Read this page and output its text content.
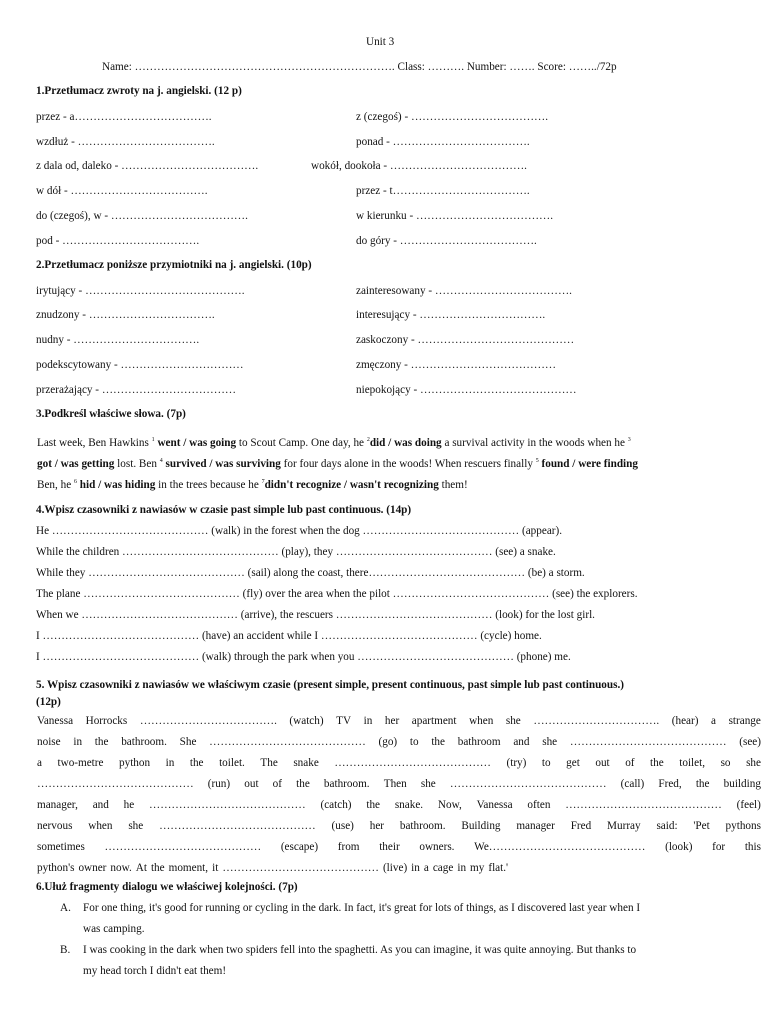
Unit 3
Name: ……………………………………………………………. Class: ………. Number: ……. Score: ……../72p
1.Przetłumacz zwroty na j. angielski. (12 p)
przez - a……………………………….
wzdłuż - ……………………………….
z dala od, daleko - ……………………………….
w dół - ……………………………….
do (czegoś), w - ……………………………….
pod - ……………………………….
z (czegoś) - ……………………………….
ponad - ……………………………….
wokół, dookoła - ……………………………….
przez - t……………………………….
w kierunku - ……………………………….
do góry - ……………………………….
2.Przetłumacz poniższe przymiotniki na j. angielski. (10p)
irytujący - …………………………………….
znudzony - …………………………….
nudny - …………………………….
podekscytowany - ……………………………
przerażający - ………………………………
zainteresowany - ……………………………….
interesujący - …………………………….
zaskoczony - ……………………………………
zmęczony - …………………………………
niepokojący - ……………………………………
3.Podkreśl właściwe słowa. (7p)
Last week, Ben Hawkins $^1$ went / was going to Scout Camp. One day, he $^2$did / was doing a survival activity in the woods when he $^3$
got / was getting lost. Ben $^4$ survived / was surviving for four days alone in the woods! When rescuers finally $^5$ found / were finding
Ben, he $^6$ hid / was hiding in the trees because he $^7$didn't recognize / wasn't recognizing them!
4.Wpisz czasowniki z nawiasów w czasie past simple lub past continuous. (14p)
He …………………………………… (walk) in the forest when the dog …………………………………… (appear).
While the children …………………………………… (play), they …………………………………… (see) a snake.
While they …………………………………… (sail) along the coast, there…………………………………… (be) a storm.
The plane …………………………………… (fly) over the area when the pilot …………………………………… (see) the explorers.
When we …………………………………… (arrive), the rescuers …………………………………… (look) for the lost girl.
I …………………………………… (have) an accident while I …………………………………… (cycle) home.
I …………………………………… (walk) through the park when you …………………………………… (phone) me.
5. Wpisz czasowniki z nawiasów we właściwym czasie (present simple, present continuous, past simple lub past continuous.)
(12p)
Vanessa Horrocks ………………………………. (watch) TV in her apartment when she ……………………………. (hear) a strange
noise in the bathroom. She …………………………………… (go) to the bathroom and she …………………………………… (see)
a two-metre python in the toilet. The snake …………………………………… (try) to get out of the toilet, so she
…………………………………… (run) out of the bathroom. Then she …………………………………… (call) Fred, the building
manager, and he …………………………………… (catch) the snake. Now, Vanessa often …………………………………… (feel)
nervous when she …………………………………… (use) her bathroom. Building manager Fred Murray said: 'Pet pythons
sometimes …………………………………… (escape) from their owners. We…………………………………… (look) for this
python's owner now. At the moment, it …………………………………… (live) in a cage in my flat.'
6.Ułuż fragmenty dialogu we właściwej kolejności. (7p)
A. For one thing, it's good for running or cycling in the dark. In fact, it's great for lots of things, as I discovered last year when I
was camping.
B. I was cooking in the dark when two spiders fell into the spaghetti. As you can imagine, it was quite annoying. But thanks to
my head torch I didn't eat them!
